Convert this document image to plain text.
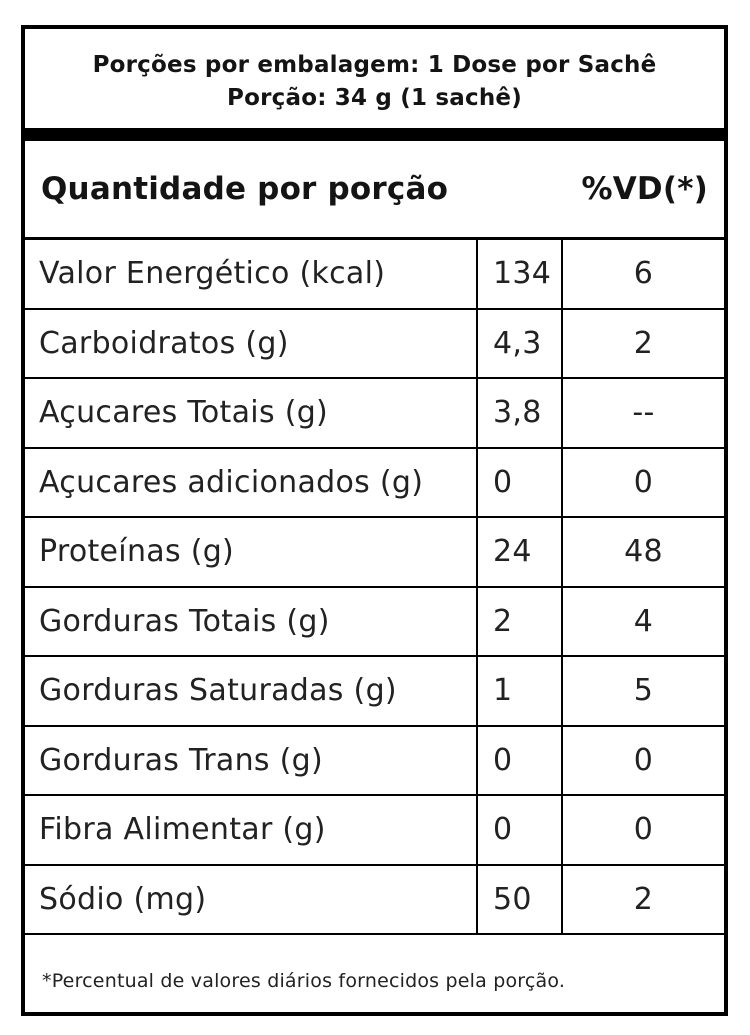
Porções por embalagem: 1 Dose por Sachê
Porção: 34 g (1 sachê)
Quantidade por porção	%VD(*)
Valor Energético (kcal)	134	6
Carboidratos (g)	4,3	2
Açucares Totais (g)	3,8	--
Açucares adicionados (g)	0	0
Proteínas (g)	24	48
Gorduras Totais (g)	2	4
Gorduras Saturadas (g)	1	5
Gorduras Trans (g)	0	0
Fibra Alimentar (g)	0	0
Sódio (mg)	50	2
*Percentual de valores diários fornecidos pela porção.
